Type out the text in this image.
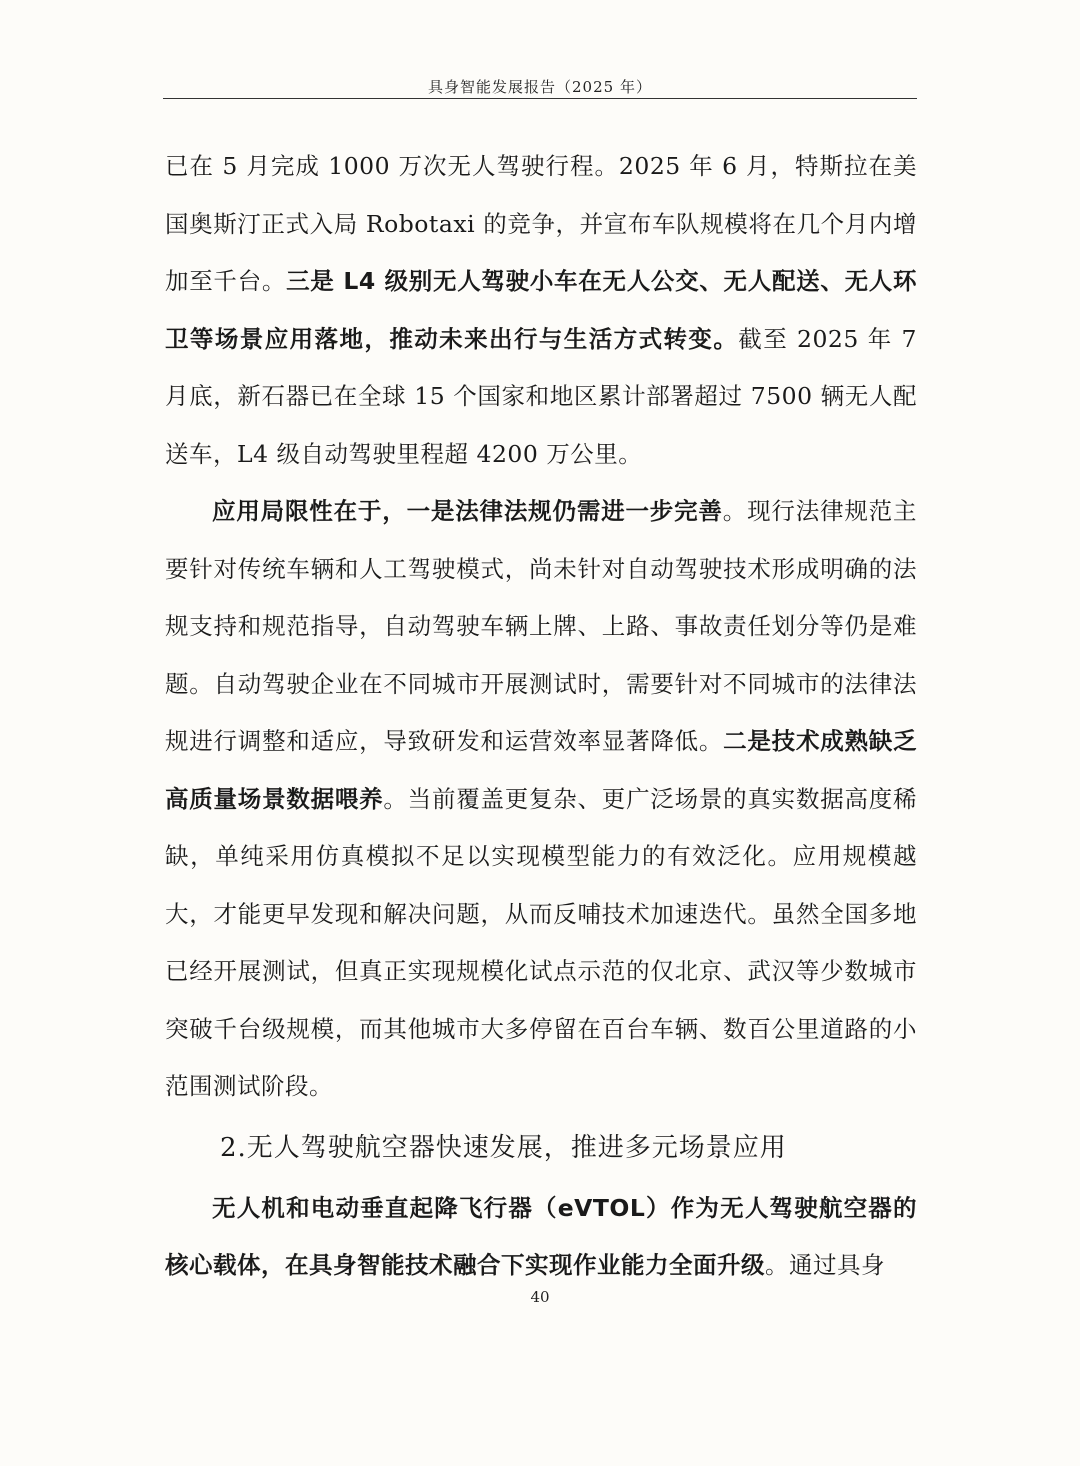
具身智能发展报告（2025 年）

已在 5 月完成 1000 万次无人驾驶行程。2025 年 6 月，特斯拉在美国奥斯汀正式入局 Robotaxi 的竞争，并宣布车队规模将在几个月内增加至千台。三是 L4 级别无人驾驶小车在无人公交、无人配送、无人环卫等场景应用落地，推动未来出行与生活方式转变。截至 2025 年 7 月底，新石器已在全球 15 个国家和地区累计部署超过 7500 辆无人配送车，L4 级自动驾驶里程超 4200 万公里。

应用局限性在于，一是法律法规仍需进一步完善。现行法律规范主要针对传统车辆和人工驾驶模式，尚未针对自动驾驶技术形成明确的法规支持和规范指导，自动驾驶车辆上牌、上路、事故责任划分等仍是难题。自动驾驶企业在不同城市开展测试时，需要针对不同城市的法律法规进行调整和适应，导致研发和运营效率显著降低。二是技术成熟缺乏高质量场景数据喂养。当前覆盖更复杂、更广泛场景的真实数据高度稀缺，单纯采用仿真模拟不足以实现模型能力的有效泛化。应用规模越大，才能更早发现和解决问题，从而反哺技术加速迭代。虽然全国多地已经开展测试，但真正实现规模化试点示范的仅北京、武汉等少数城市突破千台级规模，而其他城市大多停留在百台车辆、数百公里道路的小范围测试阶段。

2.无人驾驶航空器快速发展，推进多元场景应用

无人机和电动垂直起降飞行器（eVTOL）作为无人驾驶航空器的核心载体，在具身智能技术融合下实现作业能力全面升级。通过具身

40
